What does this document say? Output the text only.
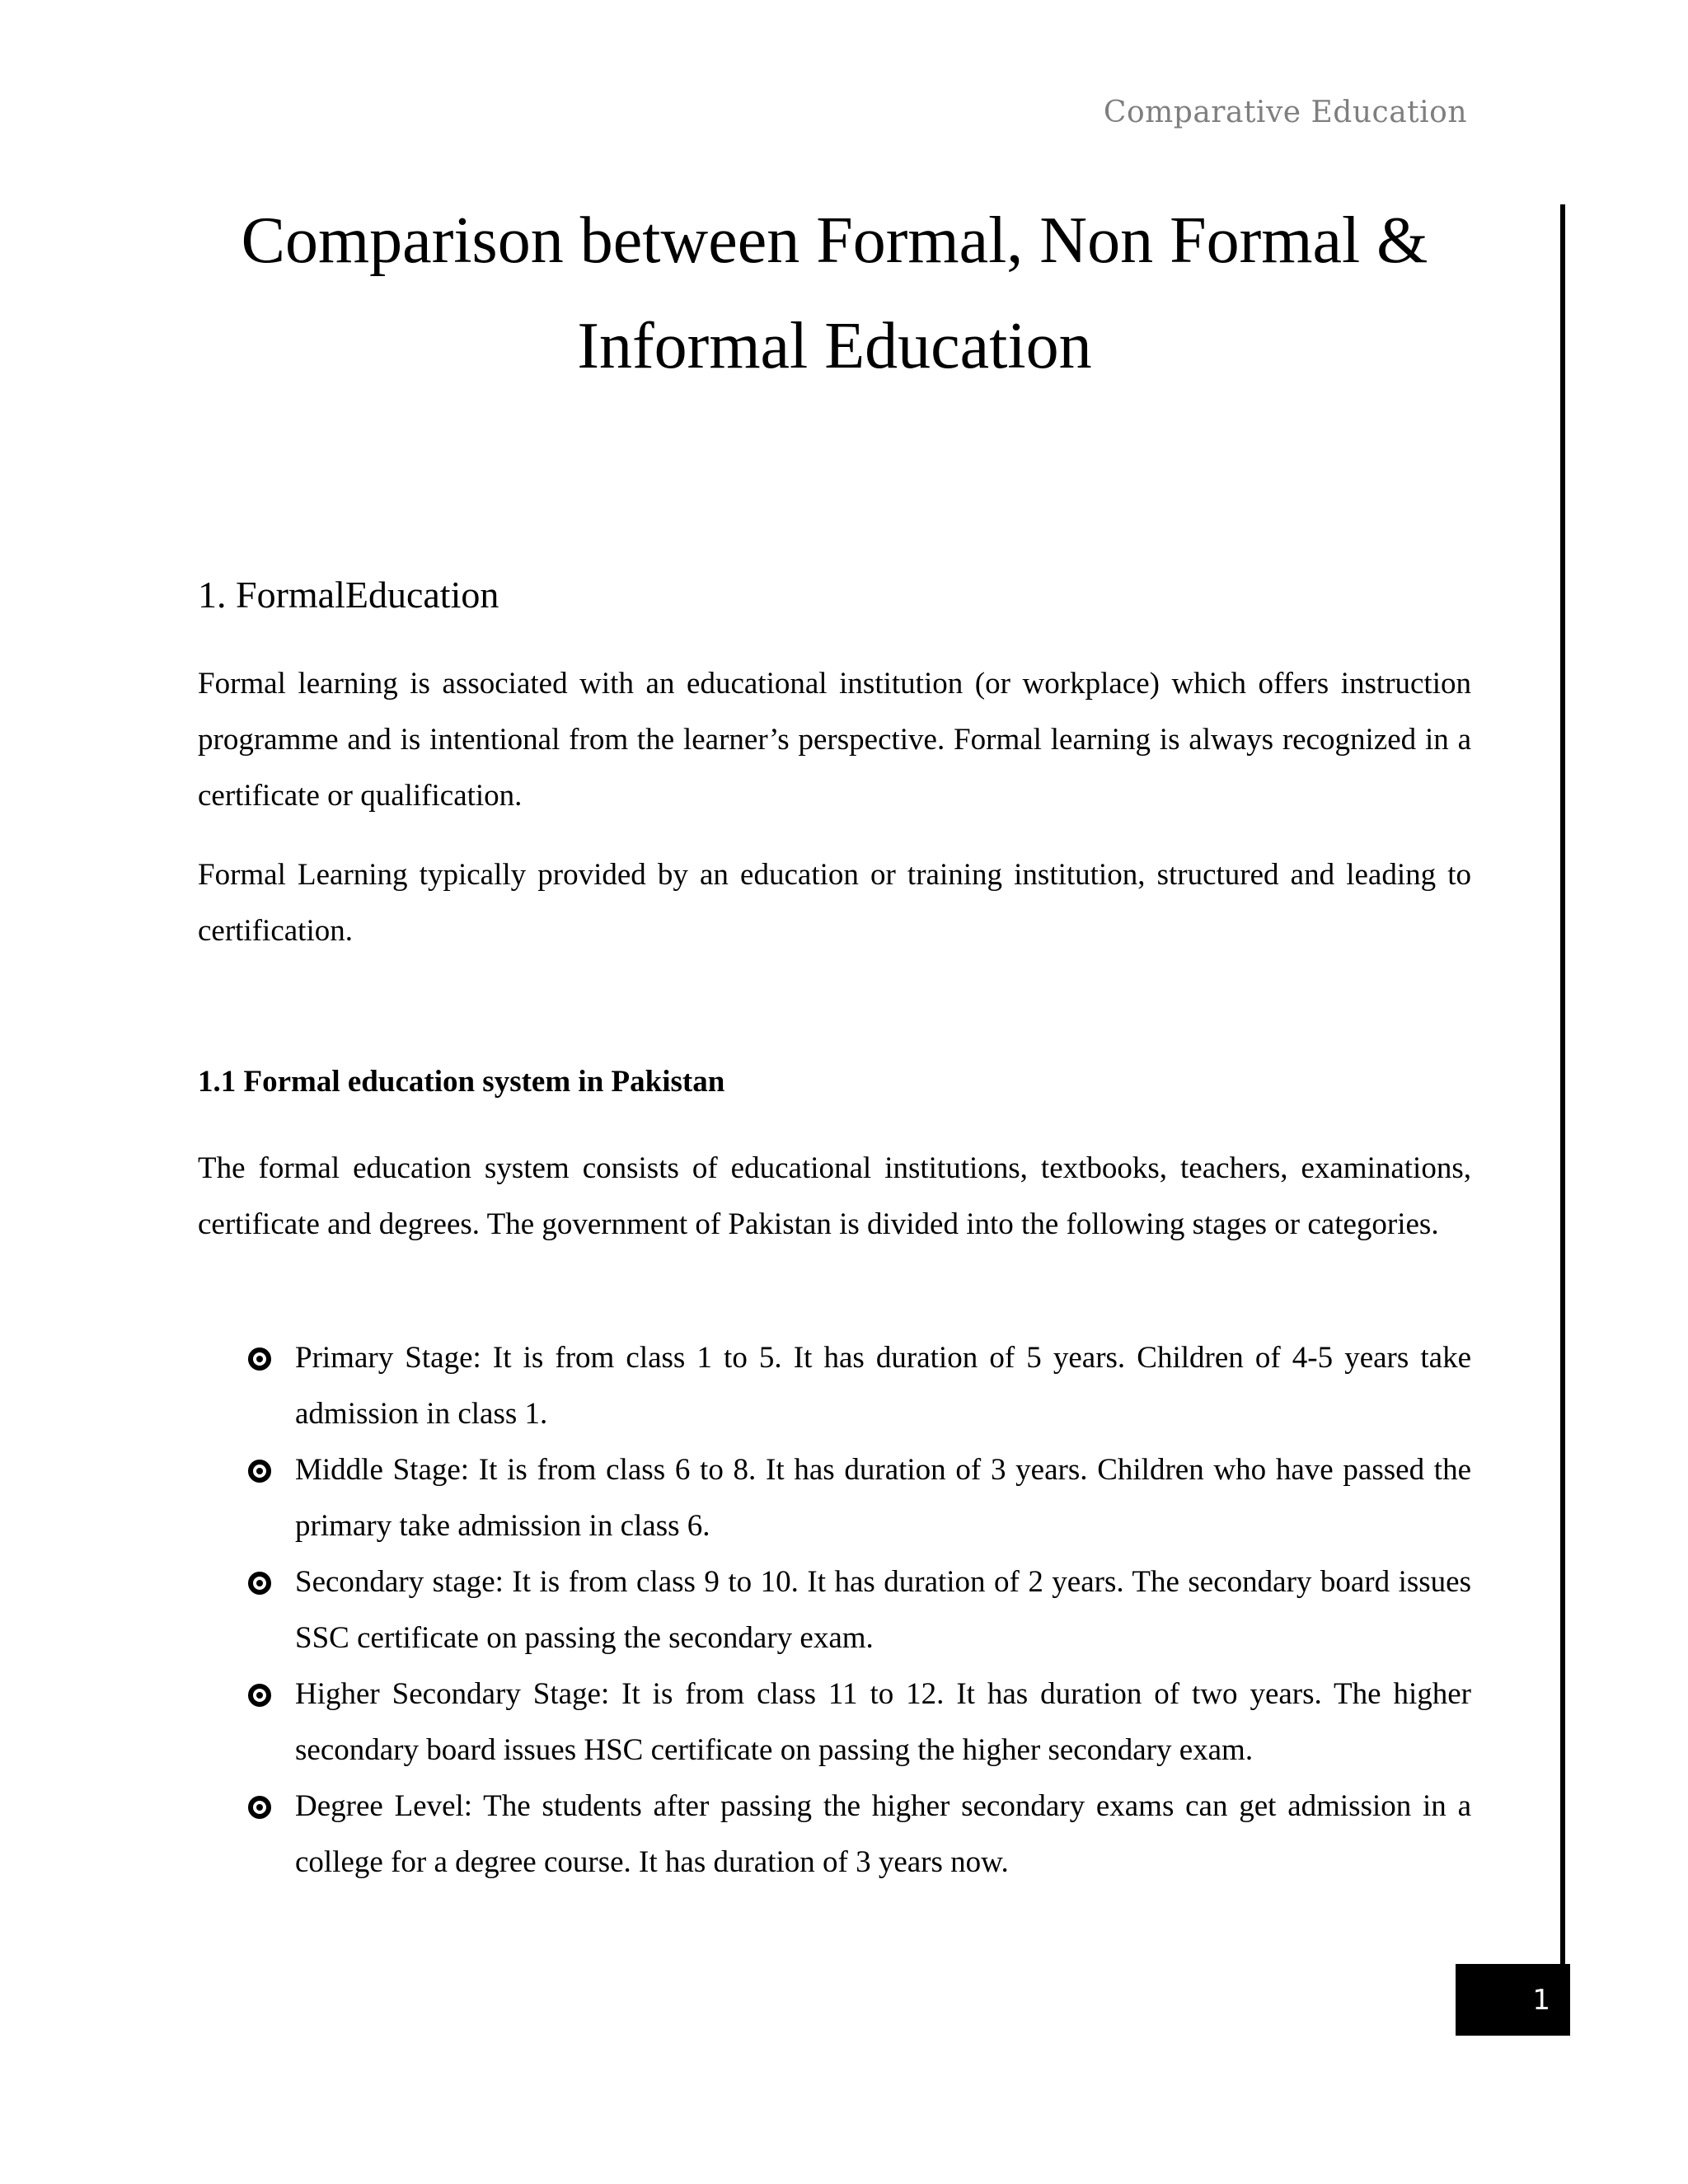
Comparative Education
Comparison between Formal, Non Formal &
Informal Education
1. FormalEducation

Formal learning is associated with an educational institution (or workplace) which offers instruction programme and is intentional from the learner’s perspective. Formal learning is always recognized in a certificate or qualification.

Formal Learning typically provided by an education or training institution, structured and leading to certification.

1.1 Formal education system in Pakistan

The formal education system consists of educational institutions, textbooks, teachers, examinations, certificate and degrees. The government of Pakistan is divided into the following stages or categories.

Primary Stage: It is from class 1 to 5. It has duration of 5 years. Children of 4-5 years take admission in class 1.
Middle Stage: It is from class 6 to 8. It has duration of 3 years. Children who have passed the primary take admission in class 6.
Secondary stage: It is from class 9 to 10. It has duration of 2 years. The secondary board issues SSC certificate on passing the secondary exam.
Higher Secondary Stage: It is from class 11 to 12. It has duration of two years. The higher secondary board issues HSC certificate on passing the higher secondary exam.
Degree Level: The students after passing the higher secondary exams can get admission in a college for a degree course. It has duration of 3 years now.
1
